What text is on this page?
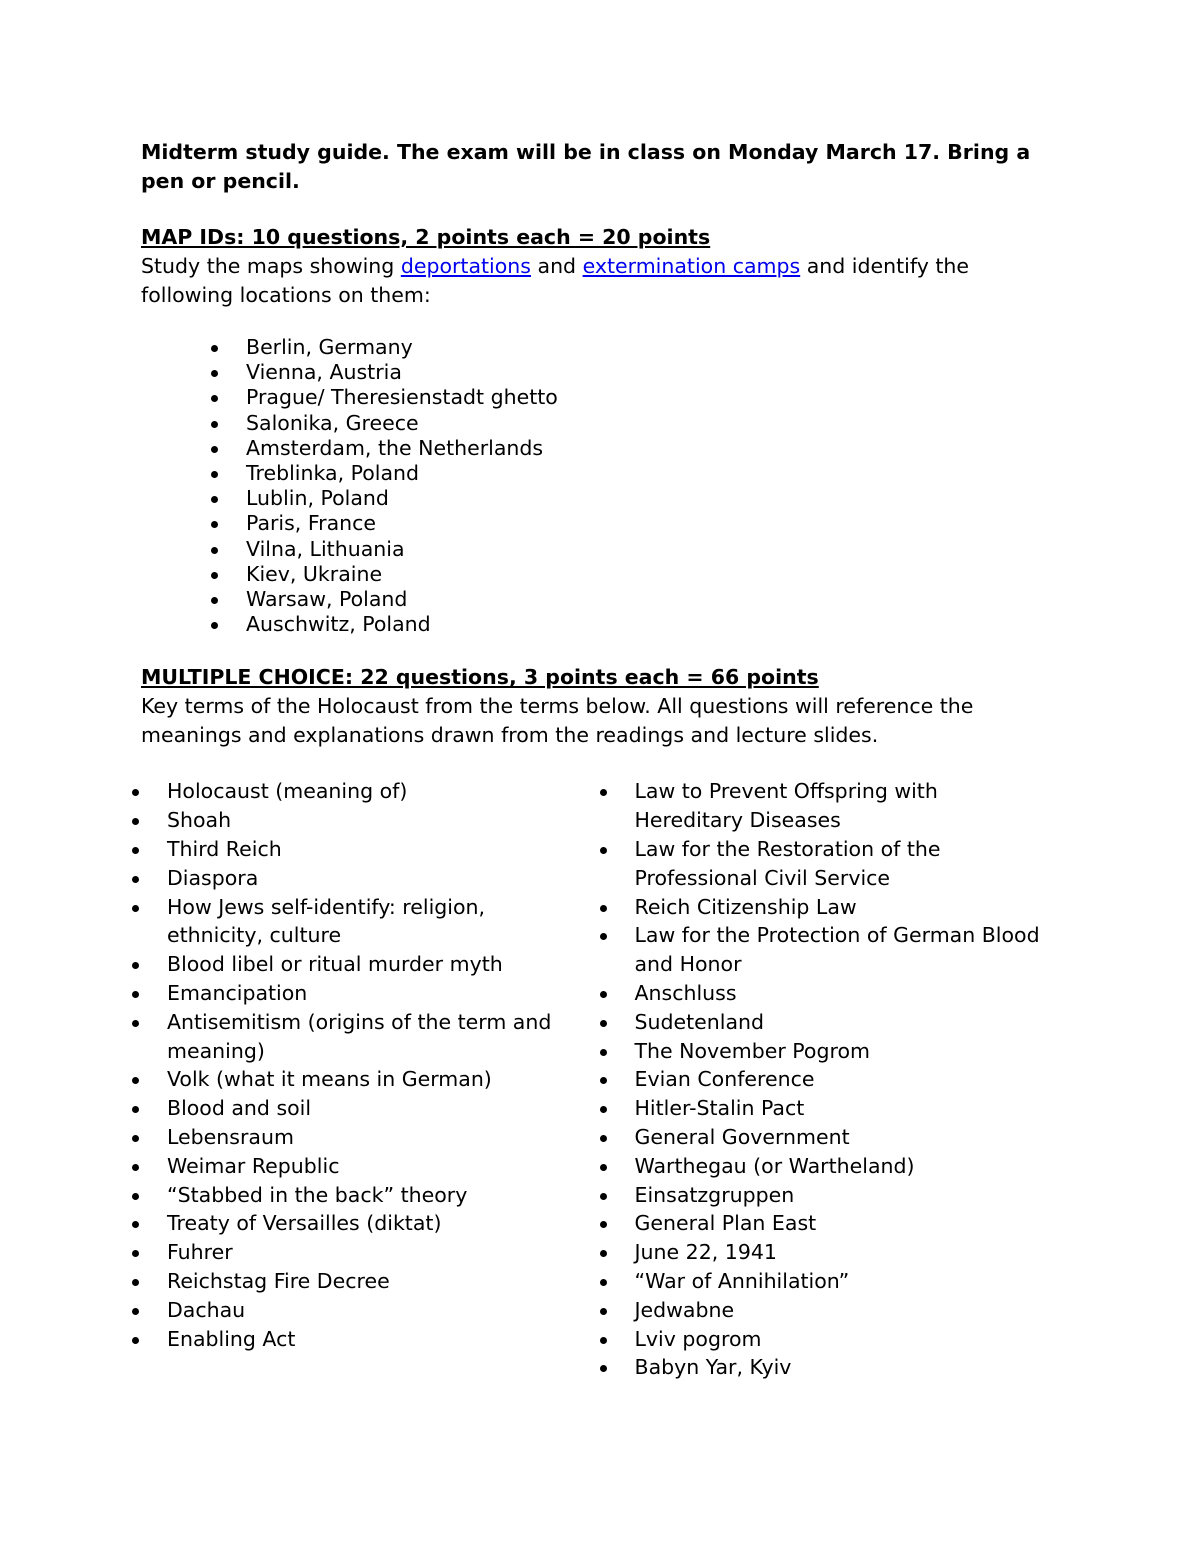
Midterm study guide. The exam will be in class on Monday March 17. Bring a pen or pencil.

MAP IDs: 10 questions, 2 points each = 20 points

Study the maps showing deportations and extermination camps and identify the following locations on them:

Berlin, Germany
Vienna, Austria
Prague/ Theresienstadt ghetto
Salonika, Greece
Amsterdam, the Netherlands
Treblinka, Poland
Lublin, Poland
Paris, France
Vilna, Lithuania
Kiev, Ukraine
Warsaw, Poland
Auschwitz, Poland

MULTIPLE CHOICE: 22 questions, 3 points each = 66 points

Key terms of the Holocaust from the terms below. All questions will reference the meanings and explanations drawn from the readings and lecture slides.

Holocaust (meaning of)
Shoah
Third Reich
Diaspora
How Jews self-identify: religion, ethnicity, culture
Blood libel or ritual murder myth
Emancipation
Antisemitism (origins of the term and meaning)
Volk (what it means in German)
Blood and soil
Lebensraum
Weimar Republic
“Stabbed in the back” theory
Treaty of Versailles (diktat)
Fuhrer
Reichstag Fire Decree
Dachau
Enabling Act
Law to Prevent Offspring with Hereditary Diseases
Law for the Restoration of the Professional Civil Service
Reich Citizenship Law
Law for the Protection of German Blood and Honor
Anschluss
Sudetenland
The November Pogrom
Evian Conference
Hitler-Stalin Pact
General Government
Warthegau (or Wartheland)
Einsatzgruppen
General Plan East
June 22, 1941
“War of Annihilation”
Jedwabne
Lviv pogrom
Babyn Yar, Kyiv
